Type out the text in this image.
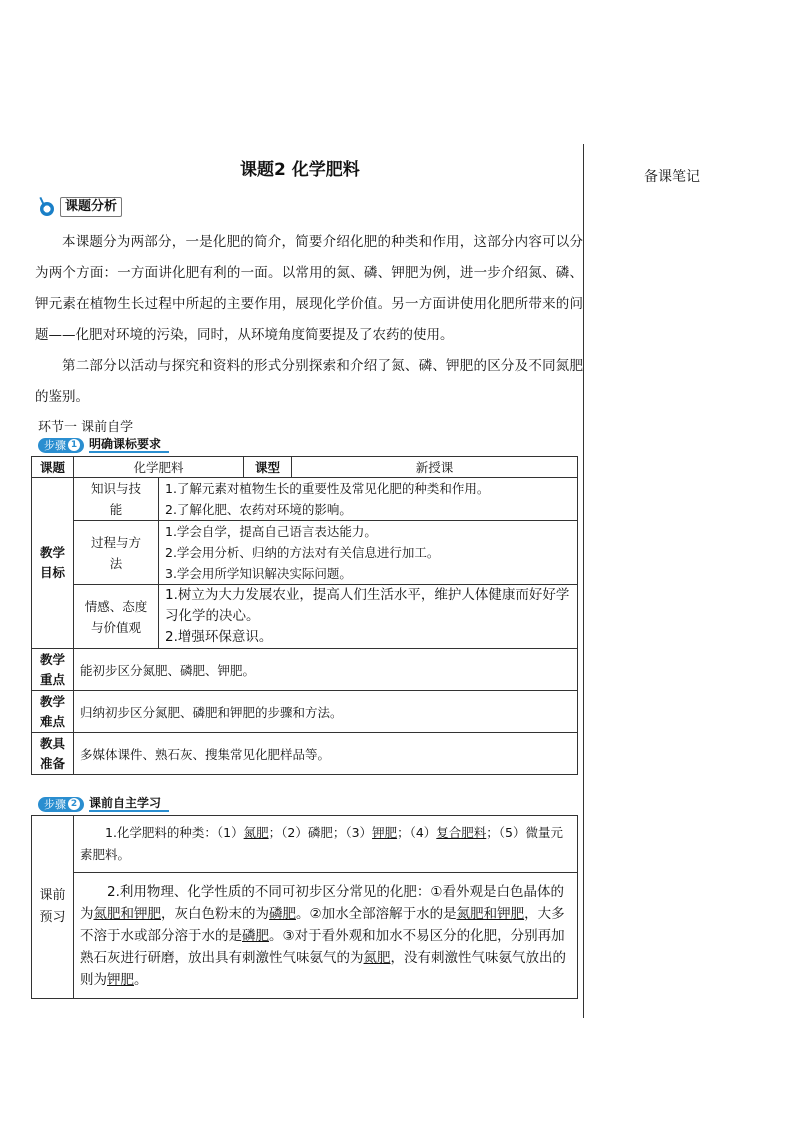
备课笔记
课题2 化学肥料
课题分析
本课题分为两部分，一是化肥的简介，简要介绍化肥的种类和作用，这部分内容可以分为两个方面：一方面讲化肥有利的一面。以常用的氮、磷、钾肥为例，进一步介绍氮、磷、钾元素在植物生长过程中所起的主要作用，展现化学价值。另一方面讲使用化肥所带来的问题——化肥对环境的污染，同时，从环境角度简要提及了农药的使用。
第二部分以活动与探究和资料的形式分别探索和介绍了氮、磷、钾肥的区分及不同氮肥的鉴别。
环节一 课前自学
步骤 1 明确课标要求
课题	化学肥料		课型	新授课
教学目标	知识与技能	1.了解元素对植物生长的重要性及常见化肥的种类和作用。
2.了解化肥、农药对环境的影响。		

	过程与方法	1.学会自学，提高自己语言表达能力。
2.学会用分析、归纳的方法对有关信息进行加工。
3.学会用所学知识解决实际问题。		

	情感、态度与价值观	1.树立为大力发展农业，提高人们生活水平，维护人体健康而好好学习化学的决心。
2.增强环保意识。		

教学重点	能初步区分氮肥、磷肥、钾肥。			
教学难点	归纳初步区分氮肥、磷肥和钾肥的步骤和方法。			
教具准备	多媒体课件、熟石灰、搜集常见化肥样品等。			
步骤 2 课前自主学习
课前预习	1.化学肥料的种类：（1）氮肥；（2）磷肥；（3）钾肥；（4）复合肥料；（5）微量元素肥料。
2.利用物理、化学性质的不同可初步区分常见的化肥：①看外观是白色晶体的为氮肥和钾肥，灰白色粉末的为磷肥。②加水全部溶解于水的是氮肥和钾肥，大多不溶于水或部分溶于水的是磷肥。③对于看外观和加水不易区分的化肥，分别再加熟石灰进行研磨，放出具有刺激性气味氨气的为氮肥，没有刺激性气味氨气放出的则为钾肥。
